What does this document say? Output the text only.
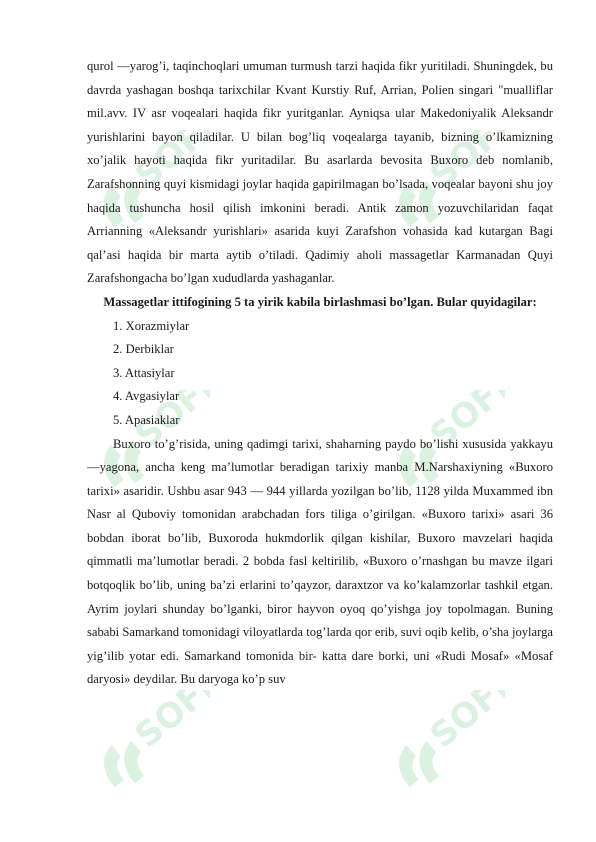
SOFF	SOFF
SOFF	SOFF
SOFF	SOFF

qurol —yarog’i, taqinchoqlari umuman turmush tarzi haqida fikr yuritiladi. Shuningdek, bu davrda yashagan boshqa tarixchilar Kvant Kurstiy Ruf, Arrian, Polien singari "mualliflar mil.avv. IV asr voqealari haqida fikr yuritganlar. Ayniqsa ular Makedoniyalik Aleksandr yurishlarini bayon qiladilar. U bilan bog’liq voqealarga tayanib, bizning o’lkamizning xo’jalik hayoti haqida fikr yuritadilar. Bu asarlarda bevosita Buxoro deb nomlanib, Zarafshonning quyi kismidagi joylar haqida gapirilmagan bo’lsada, voqealar bayoni shu joy haqida tushuncha hosil qilish imkonini beradi. Antik zamon yozuvchilaridan faqat Arrianning «Aleksandr yurishlari» asarida kuyi Zarafshon vohasida kad kutargan Bagi qal’asi haqida bir marta aytib o’tiladi. Qadimiy aholi massagetlar Karmanadan Quyi Zarafshongacha bo’lgan xududlarda yashaganlar.

Massagetlar ittifogining 5 ta yirik kabila birlashmasi bo’lgan. Bular quyidagilar:

1. Xorazmiylar
2. Derbiklar
3. Attasiylar
4. Avgasiylar
5. Apasiaklar

Buxoro to’g’risida, uning qadimgi tarixi, shaharning paydo bo’lishi xususida yakkayu —yagona, ancha keng ma’lumotlar beradigan tarixiy manba M.Narshaxiyning «Buxoro tarixi» asaridir. Ushbu asar 943 — 944 yillarda yozilgan bo’lib, 1128 yilda Muxammed ibn Nasr al Quboviy tomonidan arabchadan fors tiliga o’girilgan. «Buxoro tarixi» asari 36 bobdan iborat bo’lib, Buxoroda hukmdorlik qilgan kishilar, Buxoro mavzelari haqida qimmatli ma’lumotlar beradi. 2 bobda fasl keltirilib, «Buxoro o’rnashgan bu mavze ilgari botqoqlik bo’lib, uning ba’zi erlarini to’qayzor, daraxtzor va ko’kalamzorlar tashkil etgan. Ayrim joylari shunday bo’lganki, biror hayvon oyoq qo’yishga joy topolmagan. Buning sababi Samarkand tomonidagi viloyatlarda tog’larda qor erib, suvi oqib kelib, o’sha joylarga yig’ilib yotar edi. Samarkand tomonida bir- katta dare borki, uni «Rudi Mosaf» «Mosaf daryosi» deydilar. Bu daryoga ko’p suv
